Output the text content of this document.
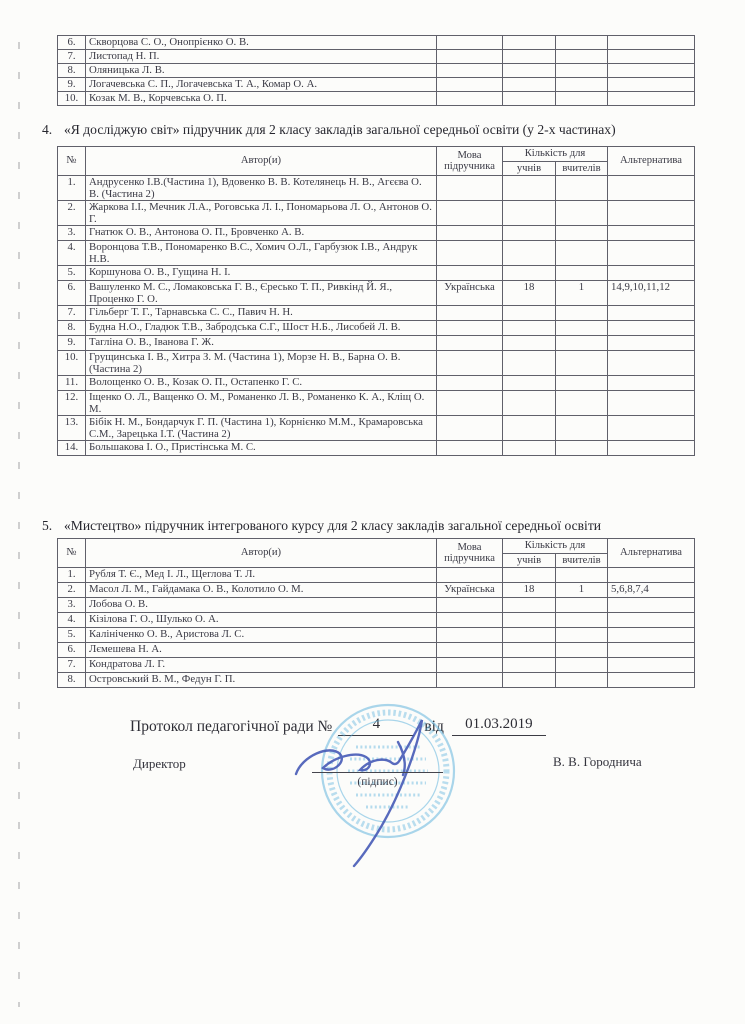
6.	Скворцова С. О., Онопрієнко О. В.				
7.	Листопад Н. П.				
8.	Оляницька Л. В.				
9.	Логачевська С. П., Логачевська Т. А., Комар О. А.				
10.	Козак М. В., Корчевська О. П.				
4. «Я досліджую світ» підручник для 2 класу закладів загальної середньої освіти (у 2-х частинах)
№	Автор(и)	Мова підручника	Кількість для		Альтернатива
			учнів	вчителів	
1.	Андрусенко І.В.(Частина 1), Вдовенко В. В. Котелянець Н. В., Агєєва О. В. (Частина 2)				
2.	Жаркова І.І., Мечник Л.А., Роговська Л. І., Пономарьова Л. О., Антонов О. Г.				
3.	Гнатюк О. В., Антонова О. П., Бровченко А. В.				
4.	Воронцова Т.В., Пономаренко В.С., Хомич О.Л., Гарбузюк І.В., Андрук Н.В.				
5.	Коршунова О. В., Гущина Н. І.				
6.	Вашуленко М. С., Ломаковська Г. В., Єресько Т. П., Ривкінд Й. Я., Проценко Г. О.	Українська	18	1	14,9,10,11,12
7.	Гільберг Т. Г., Тарнавська С. С., Павич Н. Н.				
8.	Будна Н.О., Гладюк Т.В., Забродська С.Г., Шост Н.Б., Лисобей Л. В.				
9.	Тагліна О. В., Іванова Г. Ж.				
10.	Грущинська І. В., Хитра З. М. (Частина 1), Морзе Н. В., Барна О. В. (Частина 2)				
11.	Волощенко О. В., Козак О. П., Остапенко Г. С.				
12.	Іщенко О. Л., Ващенко О. М., Романенко Л. В., Романенко К. А., Кліщ О. М.				
13.	Бібік Н. М., Бондарчук Г. П. (Частина 1), Корнієнко М.М., Крамаровська С.М., Зарецька І.Т. (Частина 2)				
14.	Большакова І. О., Пристінська М. С.				
5. «Мистецтво» підручник інтегрованого курсу для 2 класу закладів загальної середньої освіти
№	Автор(и)	Мова підручника	Кількість для		Альтернатива
			учнів	вчителів	
1.	Рубля Т. Є., Мед І. Л., Щеглова Т. Л.				
2.	Масол Л. М., Гайдамака О. В., Колотило О. М.	Українська	18	1	5,6,8,7,4
3.	Лобова О. В.				
4.	Кізілова Г. О., Шулько О. А.				
5.	Калініченко О. В., Аристова Л. С.				
6.	Лємешева Н. А.				
7.	Кондратова Л. Г.				
8.	Островський В. М., Федун Г. П.				
Протокол педагогічної ради №	4	від 01.03.2019
(підпис)
Директор	В. В. Городнича
